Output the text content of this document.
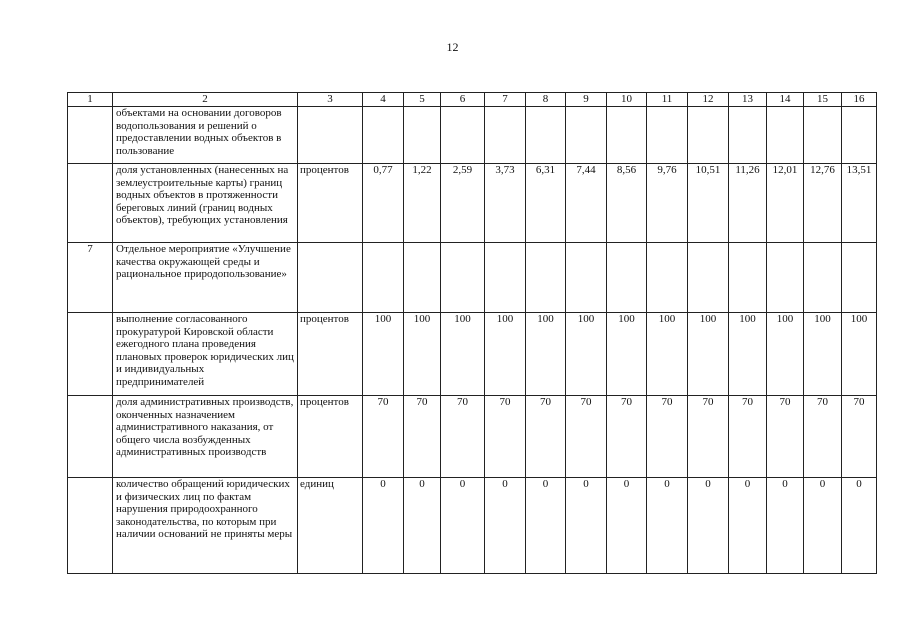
12
1	2	3	4	5	6	7	8	9	10	11	12	13	14	15	16
	объектами на основании договоров водопользования и решений о предоставлении водных объектов в пользование														
	доля установленных (нанесенных на землеустроительные карты) границ водных объектов в протяженности береговых линий (границ водных объектов), требующих установления	процентов	0,77	1,22	2,59	3,73	6,31	7,44	8,56	9,76	10,51	11,26	12,01	12,76	13,51
7	Отдельное мероприятие «Улучшение качества окружающей среды и рациональное природопользование»														
	выполнение согласованного прокуратурой Кировской области ежегодного плана проведения плановых проверок юридических лиц и индивидуальных предпринимателей	процентов	100	100	100	100	100	100	100	100	100	100	100	100	100
	доля административных производств, оконченных назначением административного наказания, от общего числа возбужденных административных производств	процентов	70	70	70	70	70	70	70	70	70	70	70	70	70
	количество обращений юридических и физических лиц по фактам нарушения природоохранного законодательства, по которым при наличии оснований не приняты меры	единиц	0	0	0	0	0	0	0	0	0	0	0	0	0
